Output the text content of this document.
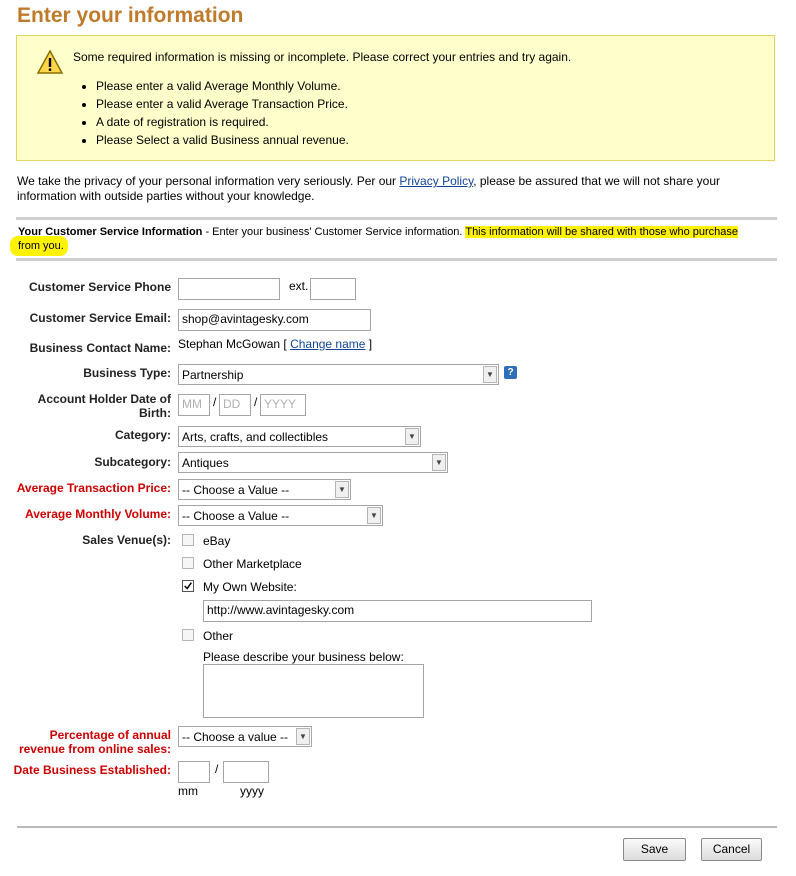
Enter your information
Some required information is missing or incomplete. Please correct your entries and try again.
• Please enter a valid Average Monthly Volume.
• Please enter a valid Average Transaction Price.
• A date of registration is required.
• Please Select a valid Business annual revenue.
We take the privacy of your personal information very seriously. Per our Privacy Policy, please be assured that we will not share your information with outside parties without your knowledge.
Your Customer Service Information - Enter your business' Customer Service information. This information will be shared with those who purchase from you.
Customer Service Phone	ext.
Customer Service Email: shop@avintagesky.com
Business Contact Name: Stephan McGowan [ Change name ]
Business Type: Partnership	▼	?
Account Holder Date of
Birth:
MM / DD	/ YYYY
Category: Arts, crafts, and collectibles	▼
Subcategory: Antiques	▼
Average Transaction Price: -- Choose a Value --	▼
Average Monthly Volume: -- Choose a Value --	▼
Sales Venue(s):	eBay
Other Marketplace
My Own Website:
http://www.avintagesky.com
Other
Please describe your business below:
Percentage of annual
revenue from online sales:
-- Choose a value --	▼
Date Business Established:	/
mm	yyyy
Save	Cancel
